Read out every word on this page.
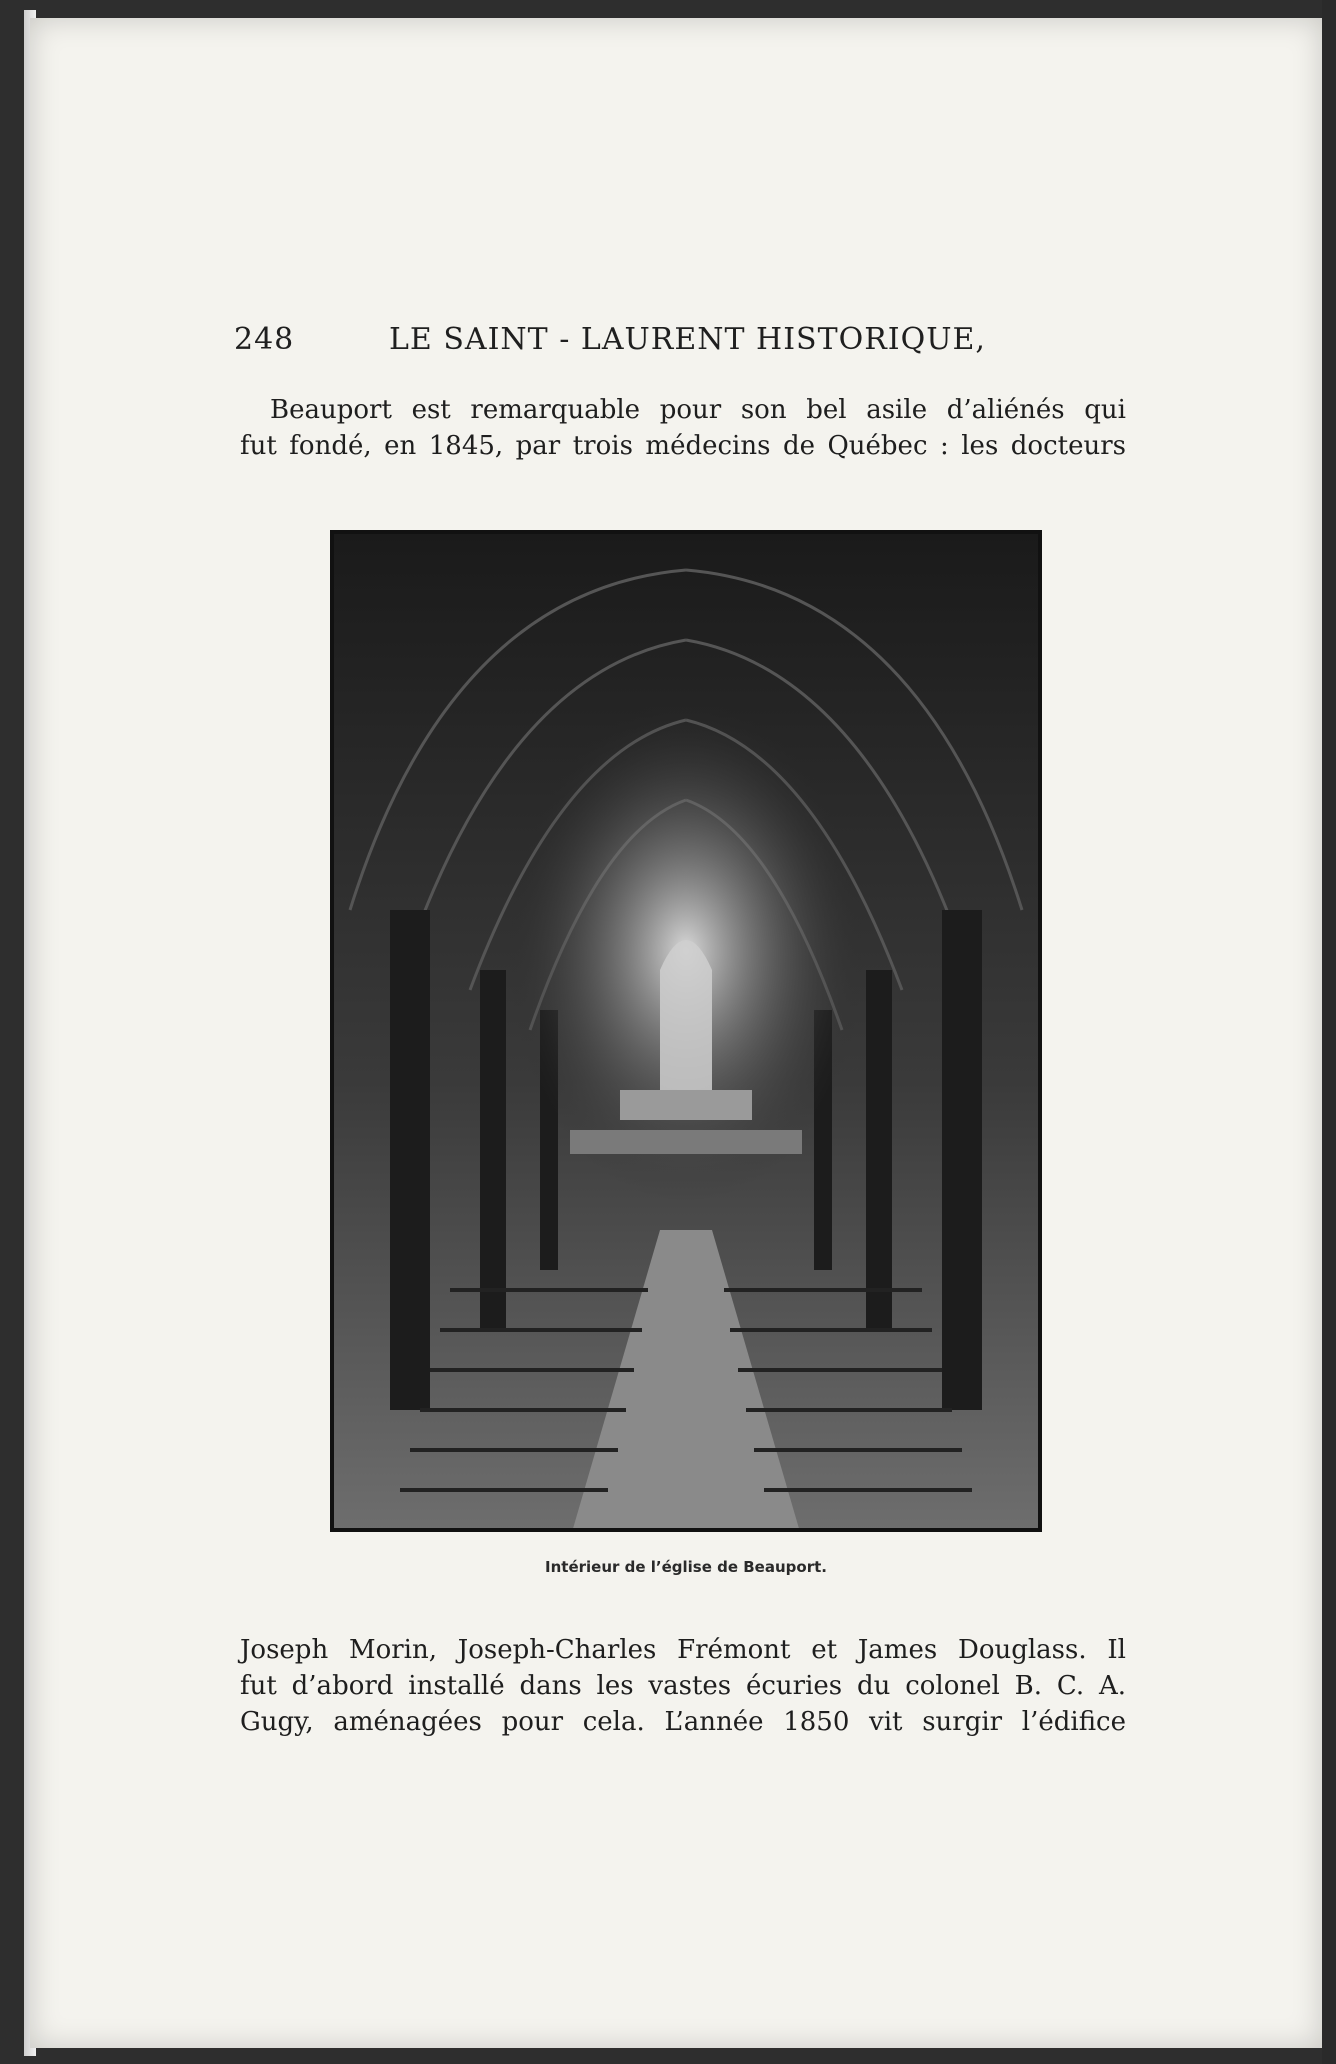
248	LE SAINT - LAURENT HISTORIQUE,
Beauport est remarquable pour son bel asile d’aliénés qui
fut fondé, en 1845, par trois médecins de Québec : les docteurs
Intérieur de l’église de Beauport.
Joseph Morin, Joseph-Charles Frémont et James Douglass. Il
fut d’abord installé dans les vastes écuries du colonel B. C. A.
Gugy, aménagées pour cela. L’année 1850 vit surgir l’édifice
